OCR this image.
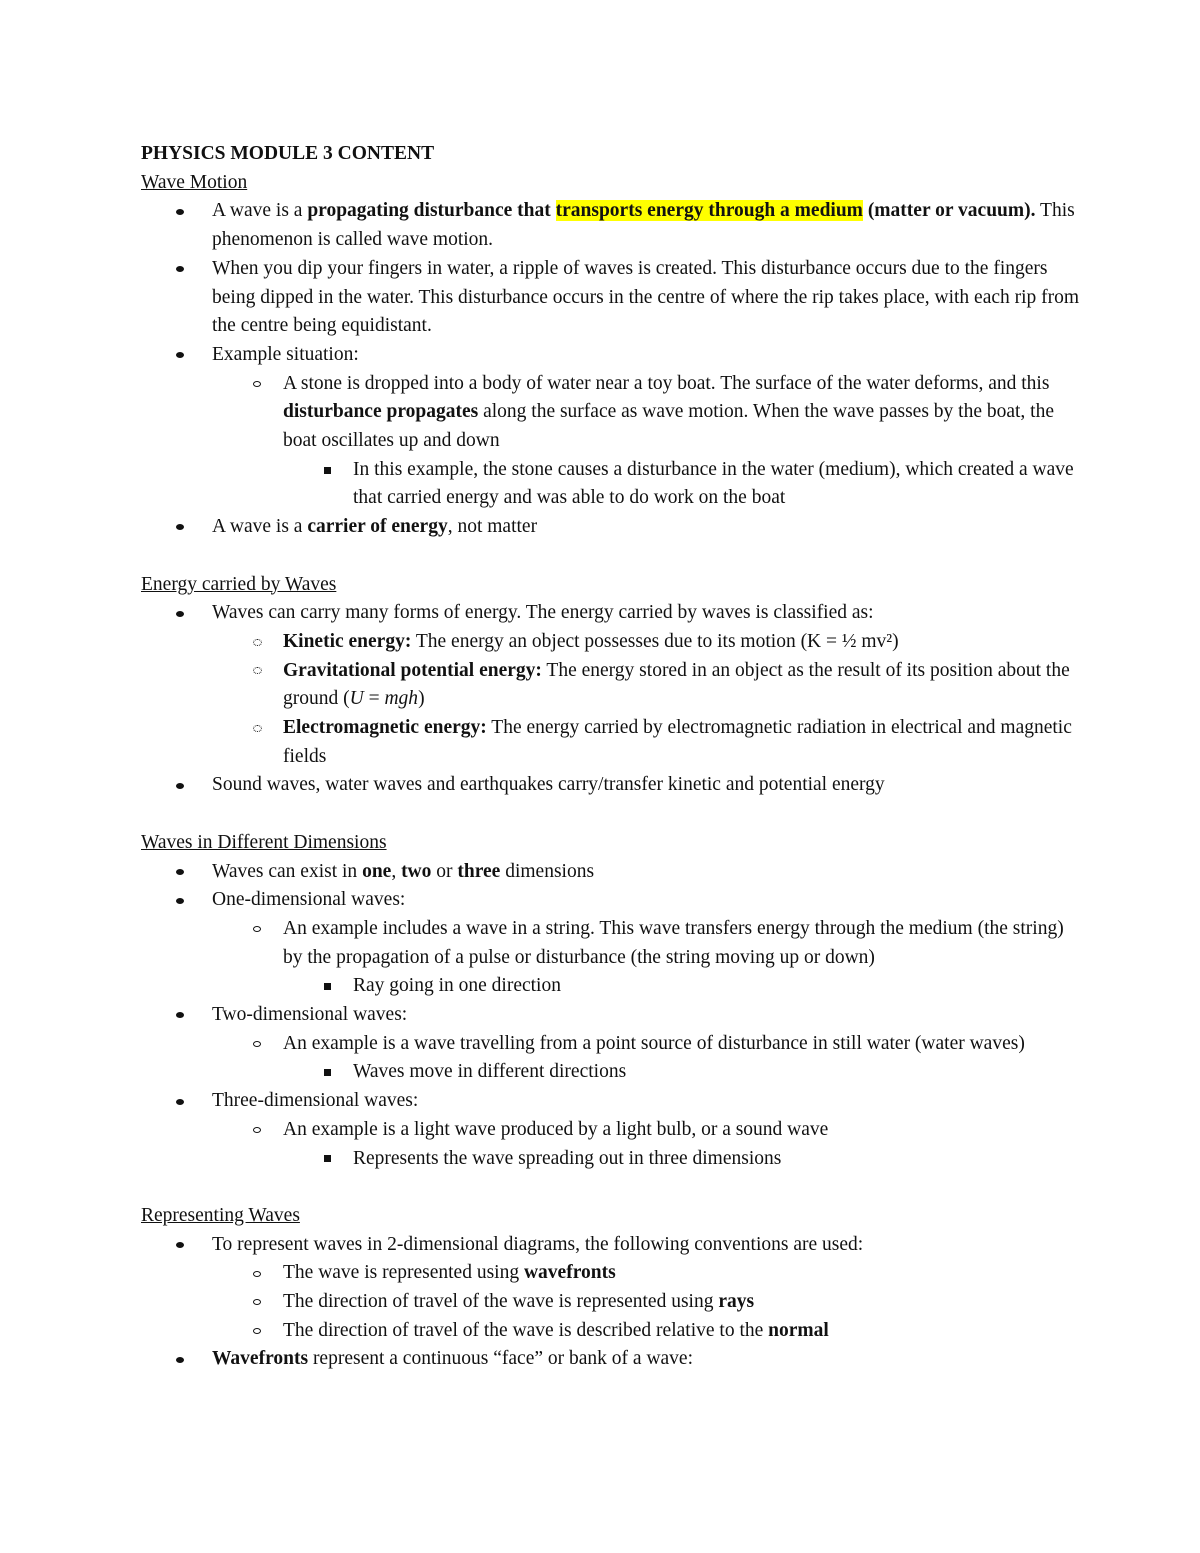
PHYSICS MODULE 3 CONTENT
Wave Motion
A wave is a propagating disturbance that transports energy through a medium (matter or vacuum). This phenomenon is called wave motion.
When you dip your fingers in water, a ripple of waves is created. This disturbance occurs due to the fingers being dipped in the water. This disturbance occurs in the centre of where the rip takes place, with each rip from the centre being equidistant.
Example situation:
A stone is dropped into a body of water near a toy boat. The surface of the water deforms, and this disturbance propagates along the surface as wave motion. When the wave passes by the boat, the boat oscillates up and down
In this example, the stone causes a disturbance in the water (medium), which created a wave that carried energy and was able to do work on the boat
A wave is a carrier of energy, not matter
Energy carried by Waves
Waves can carry many forms of energy. The energy carried by waves is classified as:
Kinetic energy: The energy an object possesses due to its motion (K = ½ mv²)
Gravitational potential energy: The energy stored in an object as the result of its position about the ground (U = mgh)
Electromagnetic energy: The energy carried by electromagnetic radiation in electrical and magnetic fields
Sound waves, water waves and earthquakes carry/transfer kinetic and potential energy
Waves in Different Dimensions
Waves can exist in one, two or three dimensions
One-dimensional waves:
An example includes a wave in a string. This wave transfers energy through the medium (the string) by the propagation of a pulse or disturbance (the string moving up or down)
Ray going in one direction
Two-dimensional waves:
An example is a wave travelling from a point source of disturbance in still water (water waves)
Waves move in different directions
Three-dimensional waves:
An example is a light wave produced by a light bulb, or a sound wave
Represents the wave spreading out in three dimensions
Representing Waves
To represent waves in 2-dimensional diagrams, the following conventions are used:
The wave is represented using wavefronts
The direction of travel of the wave is represented using rays
The direction of travel of the wave is described relative to the normal
Wavefronts represent a continuous “face” or bank of a wave:
